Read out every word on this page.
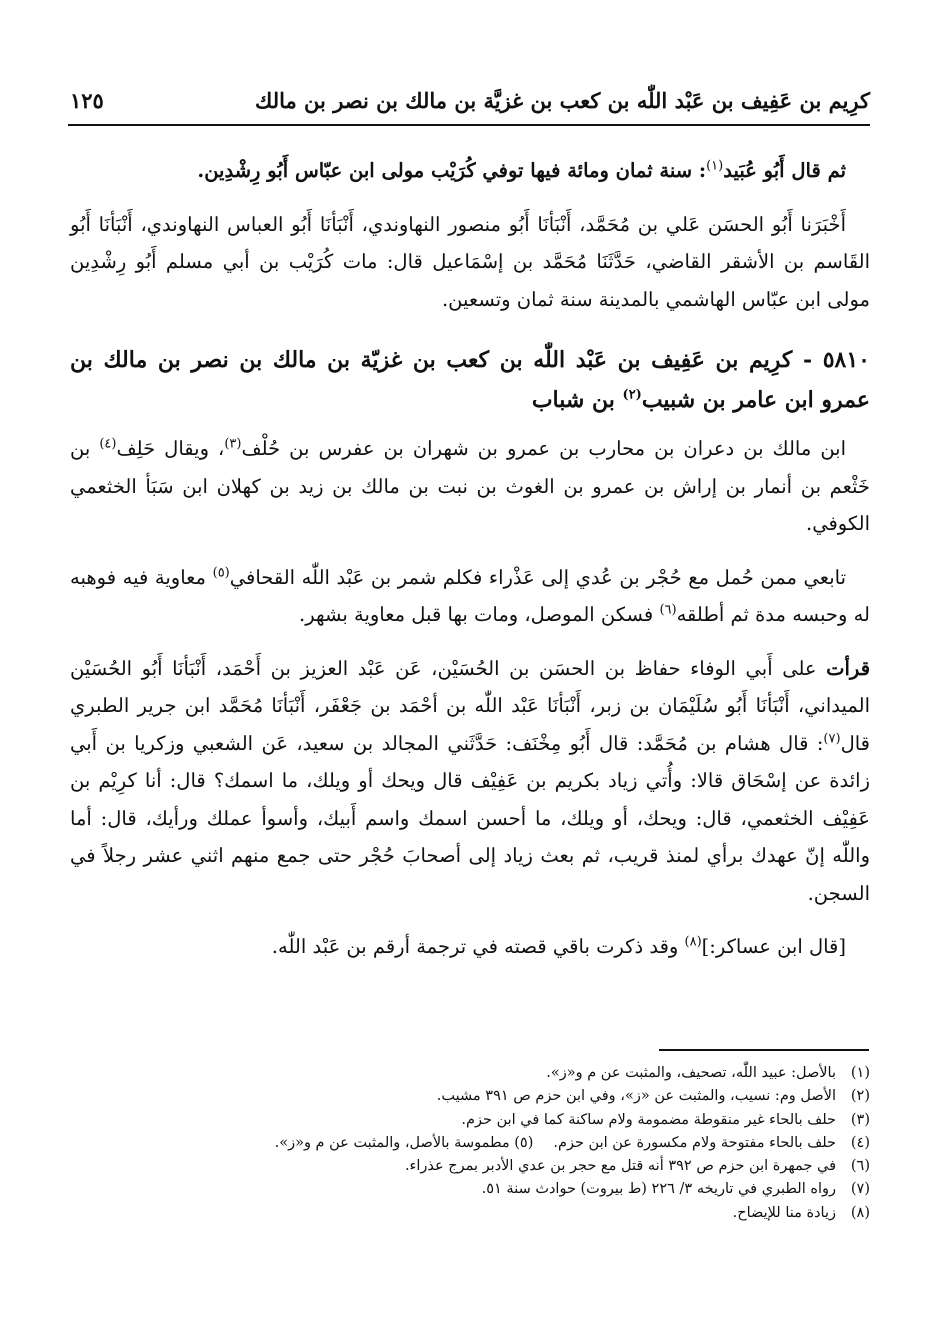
كرِيم بن عَفِيف بن عَبْد اللّٰه بن كعب بن غزيَّة بن مالك بن نصر بن مالك
١٢٥

ثم قال أَبُو عُبَيد$^{(١)}$: سنة ثمان ومائة فيها توفي كُرَيْب مولى ابن عبّاس أَبُو رِشْدِين.

أَخْبَرَنا أَبُو الحسَن عَلي بن مُحَمَّد، أَنْبَأنَا أَبُو منصور النهاوندي، أَنْبَأنَا أَبُو العباس النهاوندي، أَنْبَأنَا أَبُو القَاسم بن الأشقر القاضي، حَدَّثَنَا مُحَمَّد بن إسْمَاعيل قال: مات كُرَيْب بن أبي مسلم أَبُو رِشْدِين مولى ابن عبّاس الهاشمي بالمدينة سنة ثمان وتسعين.

٥٨١٠ - كرِيم بن عَفِيف بن عَبْد اللّٰه بن كعب بن غزيّة بن مالك بن نصر بن مالك بن عمرو ابن عامر بن شبيب$^{(٢)}$ بن شباب

ابن مالك بن دعران بن محارب بن عمرو بن شهران بن عفرس بن حُلْف$^{(٣)}$، ويقال حَلِف$^{(٤)}$ بن خَثْعم بن أنمار بن إراش بن عمرو بن الغوث بن نبت بن مالك بن زيد بن كهلان ابن سَبَأ الخثعمي الكوفي.

تابعي ممن حُمل مع حُجْر بن عُدي إلى عَذْراء فكلم شمر بن عَبْد اللّٰه القحافي$^{(٥)}$ معاوية فيه فوهبه له وحبسه مدة ثم أطلقه$^{(٦)}$ فسكن الموصل، ومات بها قبل معاوية بشهر.

قرأت على أَبي الوفاء حفاظ بن الحسَن بن الحُسَيْن، عَن عَبْد العزيز بن أَحْمَد، أَنْبَأنَا أَبُو الحُسَيْن الميداني، أَنْبَأنَا أَبُو سُلَيْمَان بن زبر، أَنْبَأنَا عَبْد اللّٰه بن أحْمَد بن جَعْفَر، أَنْبَأنَا مُحَمَّد ابن جرير الطبري قال$^{(٧)}$: قال هشام بن مُحَمَّد: قال أَبُو مِخْنَف: حَدَّثَني المجالد بن سعيد، عَن الشعبي وزكريا بن أَبي زائدة عن إسْحَاق قالا: وأُتي زياد بكريم بن عَفِيْف قال ويحك أو ويلك، ما اسمك؟ قال: أنا كرِيْم بن عَفِيْف الخثعمي، قال: ويحك، أو ويلك، ما أحسن اسمك واسم أَبيك، وأسوأ عملك ورأيك، قال: أما واللّٰه إنّ عهدك برأي لمنذ قريب، ثم بعث زياد إلى أصحابَ حُجْر حتى جمع منهم اثني عشر رجلاً في السجن.

[قال ابن عساكر:]$^{(٨)}$ وقد ذكرت باقي قصته في ترجمة أرقم بن عَبْد اللّٰه.

(١)بالأصل: عبيد اللّٰه، تصحيف، والمثبت عن م و«ز».
(٢)الأصل وم: نسيب، والمثبت عن «ز»، وفي ابن حزم ص ٣٩١ مشيب.
(٣)حلف بالحاء غير منقوطة مضمومة ولام ساكنة كما في ابن حزم.
(٤)حلف بالحاء مفتوحة ولام مكسورة عن ابن حزم.(٥) مطموسة بالأصل، والمثبت عن م و«ز».
(٦)في جمهرة ابن حزم ص ٣٩٢ أنه قتل مع حجر بن عدي الأدبر بمرج عذراء.
(٧)رواه الطبري في تاريخه ٣/ ٢٢٦ (ط بيروت) حوادث سنة ٥١.
(٨)زيادة منا للإيضاح.
